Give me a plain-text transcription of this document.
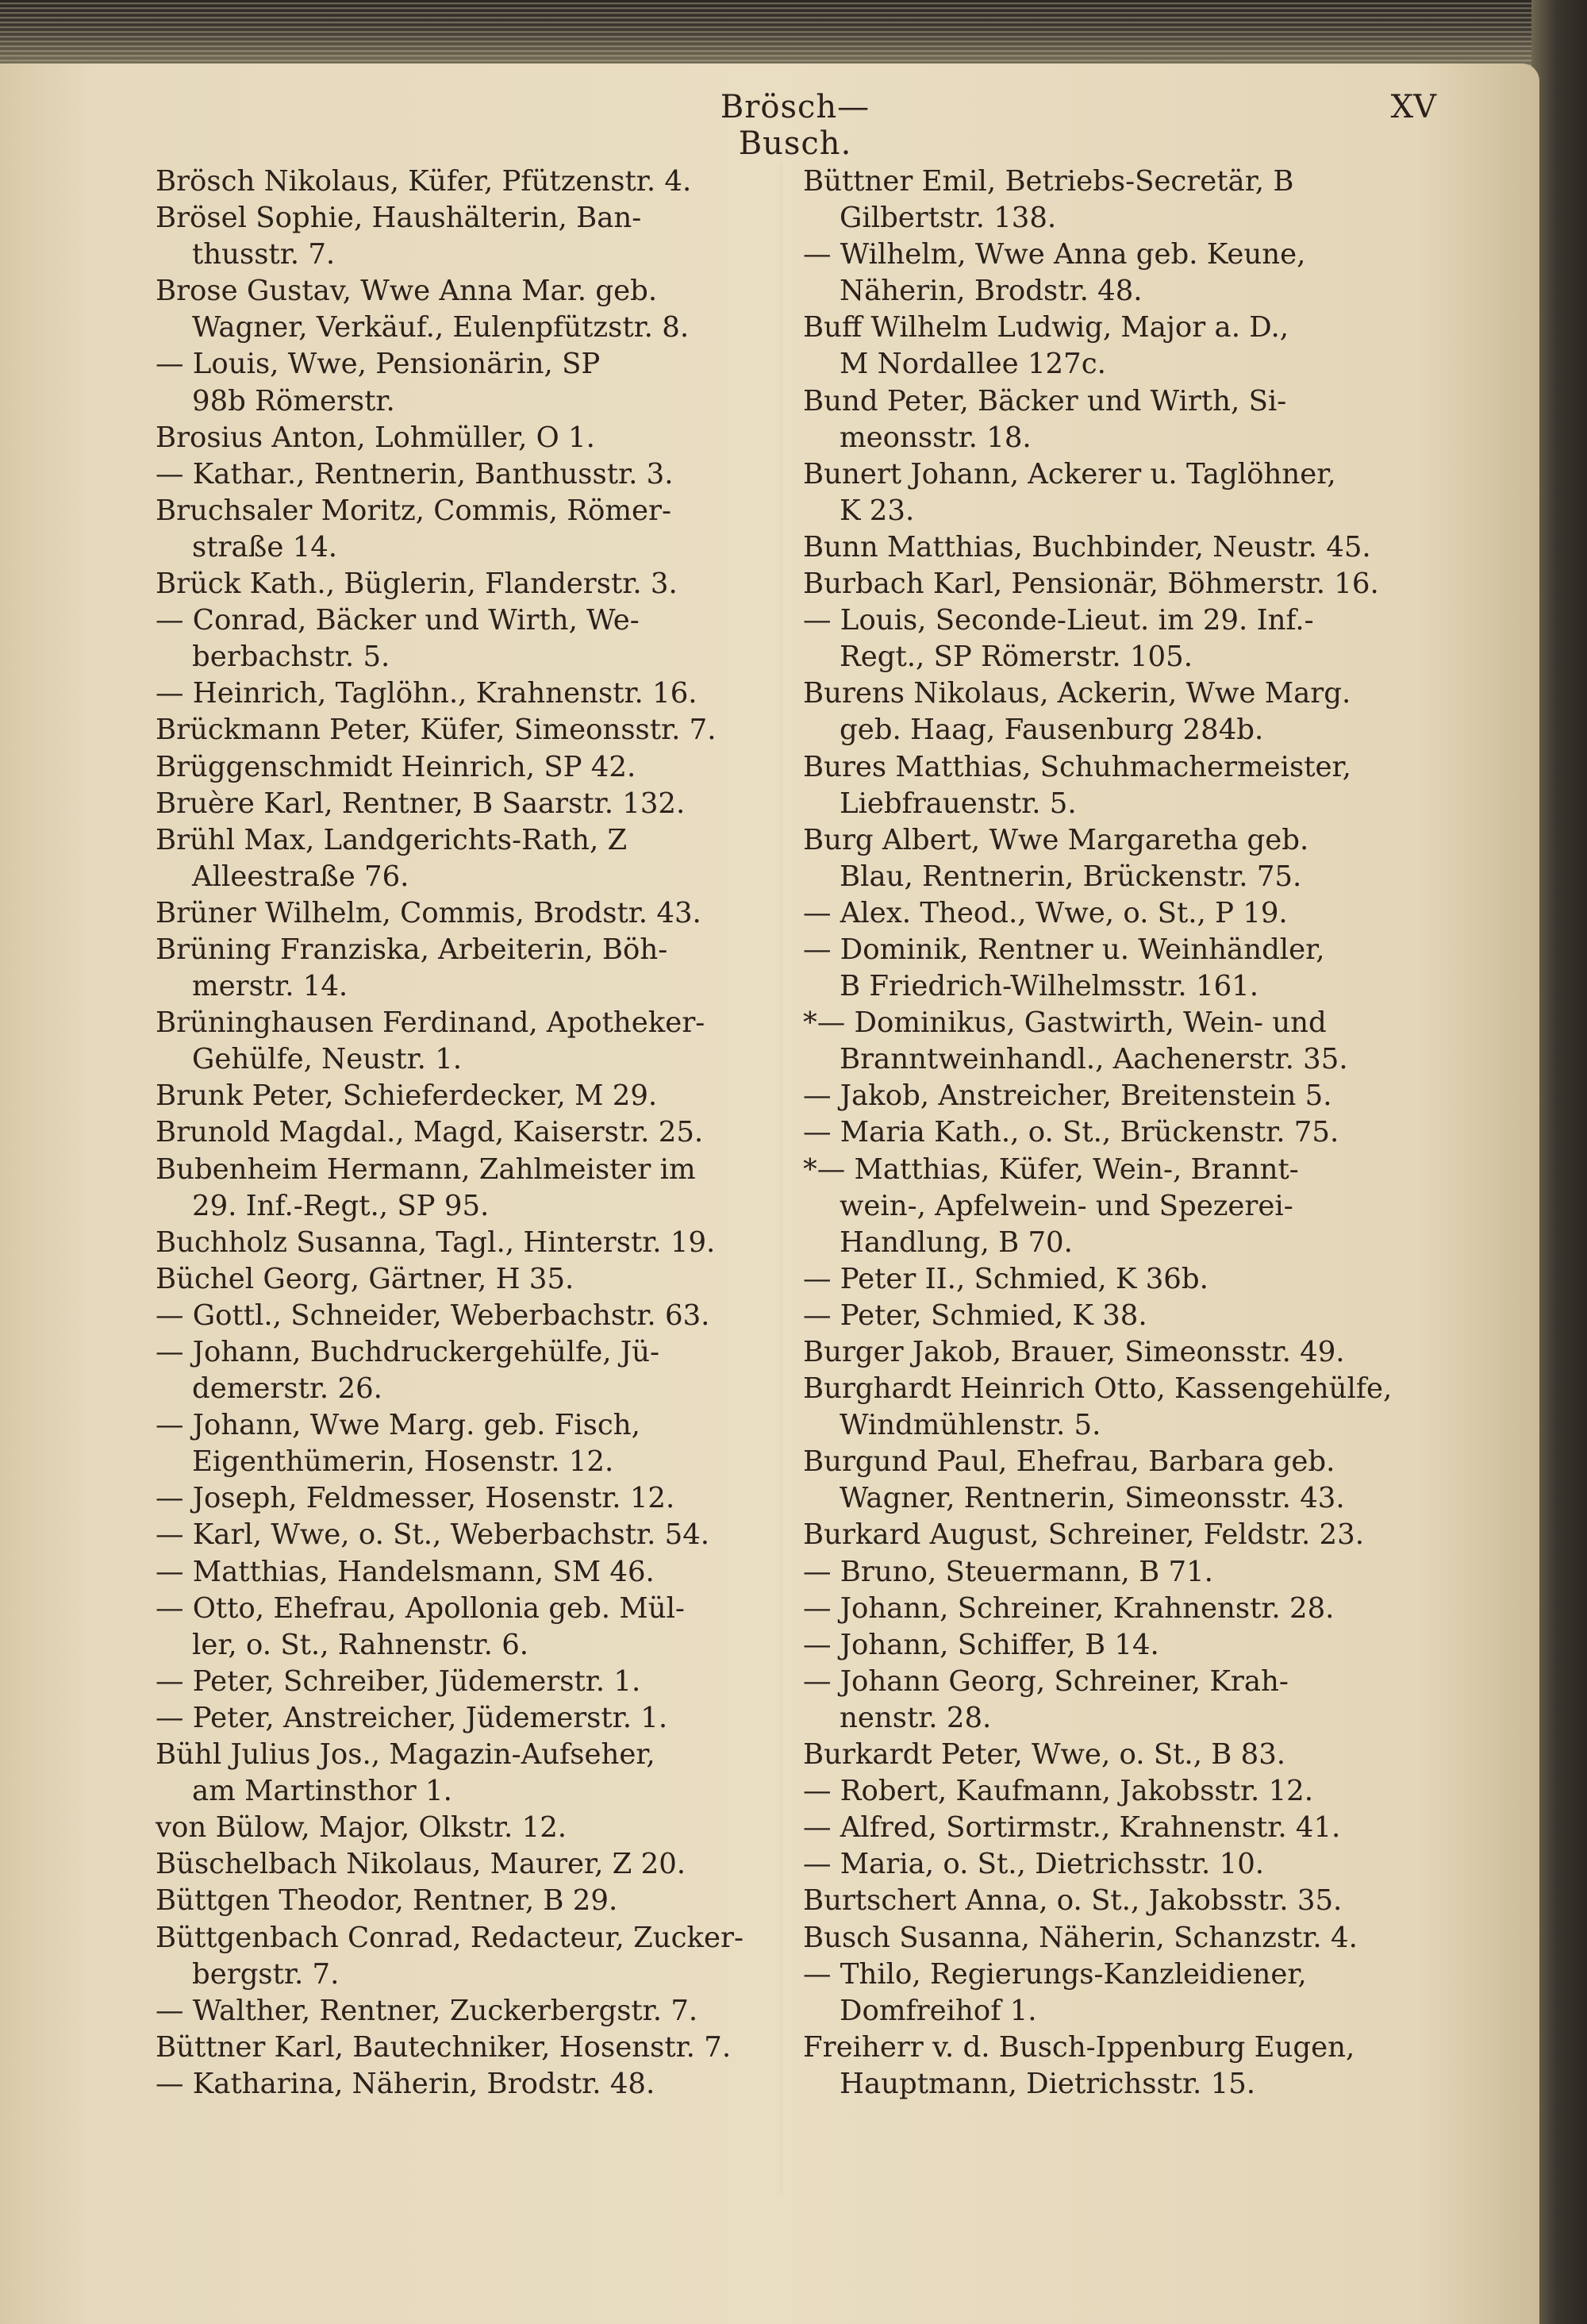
Brösch—Busch.
XV

Brösch Nikolaus, Küfer, Pfützenstr. 4.

Brösel Sophie, Haushälterin, Ban-
thusstr. 7.

Brose Gustav, Wwe Anna Mar. geb.
Wagner, Verkäuf., Eulenpfützstr. 8.

— Louis, Wwe, Pensionärin, SP
98b Römerstr.

Brosius Anton, Lohmüller, O 1.

— Kathar., Rentnerin, Banthusstr. 3.

Bruchsaler Moritz, Commis, Römer-
straße 14.

Brück Kath., Büglerin, Flanderstr. 3.

— Conrad, Bäcker und Wirth, We-
berbachstr. 5.

— Heinrich, Taglöhn., Krahnenstr. 16.

Brückmann Peter, Küfer, Simeonsstr. 7.

Brüggenschmidt Heinrich, SP 42.

Bruère Karl, Rentner, B Saarstr. 132.

Brühl Max, Landgerichts-Rath, Z
Alleestraße 76.

Brüner Wilhelm, Commis, Brodstr. 43.

Brüning Franziska, Arbeiterin, Böh-
merstr. 14.

Brüninghausen Ferdinand, Apotheker-
Gehülfe, Neustr. 1.

Brunk Peter, Schieferdecker, M 29.

Brunold Magdal., Magd, Kaiserstr. 25.

Bubenheim Hermann, Zahlmeister im
29. Inf.-Regt., SP 95.

Buchholz Susanna, Tagl., Hinterstr. 19.

Büchel Georg, Gärtner, H 35.

— Gottl., Schneider, Weberbachstr. 63.

— Johann, Buchdruckergehülfe, Jü-
demerstr. 26.

— Johann, Wwe Marg. geb. Fisch,
Eigenthümerin, Hosenstr. 12.

— Joseph, Feldmesser, Hosenstr. 12.

— Karl, Wwe, o. St., Weberbachstr. 54.

— Matthias, Handelsmann, SM 46.

— Otto, Ehefrau, Apollonia geb. Mül-
ler, o. St., Rahnenstr. 6.

— Peter, Schreiber, Jüdemerstr. 1.

— Peter, Anstreicher, Jüdemerstr. 1.

Bühl Julius Jos., Magazin-Aufseher,
am Martinsthor 1.

von Bülow, Major, Olkstr. 12.

Büschelbach Nikolaus, Maurer, Z 20.

Büttgen Theodor, Rentner, B 29.

Büttgenbach Conrad, Redacteur, Zucker-
bergstr. 7.

— Walther, Rentner, Zuckerbergstr. 7.

Büttner Karl, Bautechniker, Hosenstr. 7.

— Katharina, Näherin, Brodstr. 48.

Büttner Emil, Betriebs-Secretär, B
Gilbertstr. 138.

— Wilhelm, Wwe Anna geb. Keune,
Näherin, Brodstr. 48.

Buff Wilhelm Ludwig, Major a. D.,
M Nordallee 127c.

Bund Peter, Bäcker und Wirth, Si-
meonsstr. 18.

Bunert Johann, Ackerer u. Taglöhner,
K 23.

Bunn Matthias, Buchbinder, Neustr. 45.

Burbach Karl, Pensionär, Böhmerstr. 16.

— Louis, Seconde-Lieut. im 29. Inf.-
Regt., SP Römerstr. 105.

Burens Nikolaus, Ackerin, Wwe Marg.
geb. Haag, Fausenburg 284b.

Bures Matthias, Schuhmachermeister,
Liebfrauenstr. 5.

Burg Albert, Wwe Margaretha geb.
Blau, Rentnerin, Brückenstr. 75.

— Alex. Theod., Wwe, o. St., P 19.

— Dominik, Rentner u. Weinhändler,
B Friedrich-Wilhelmsstr. 161.

*— Dominikus, Gastwirth, Wein- und
Branntweinhandl., Aachenerstr. 35.

— Jakob, Anstreicher, Breitenstein 5.

— Maria Kath., o. St., Brückenstr. 75.

*— Matthias, Küfer, Wein-, Brannt-
wein-, Apfelwein- und Spezerei-
Handlung, B 70.

— Peter II., Schmied, K 36b.

— Peter, Schmied, K 38.

Burger Jakob, Brauer, Simeonsstr. 49.

Burghardt Heinrich Otto, Kassengehülfe,
Windmühlenstr. 5.

Burgund Paul, Ehefrau, Barbara geb.
Wagner, Rentnerin, Simeonsstr. 43.

Burkard August, Schreiner, Feldstr. 23.

— Bruno, Steuermann, B 71.

— Johann, Schreiner, Krahnenstr. 28.

— Johann, Schiffer, B 14.

— Johann Georg, Schreiner, Krah-
nenstr. 28.

Burkardt Peter, Wwe, o. St., B 83.

— Robert, Kaufmann, Jakobsstr. 12.

— Alfred, Sortirmstr., Krahnenstr. 41.

— Maria, o. St., Dietrichsstr. 10.

Burtschert Anna, o. St., Jakobsstr. 35.

Busch Susanna, Näherin, Schanzstr. 4.

— Thilo, Regierungs-Kanzleidiener,
Domfreihof 1.

Freiherr v. d. Busch-Ippenburg Eugen,
Hauptmann, Dietrichsstr. 15.
